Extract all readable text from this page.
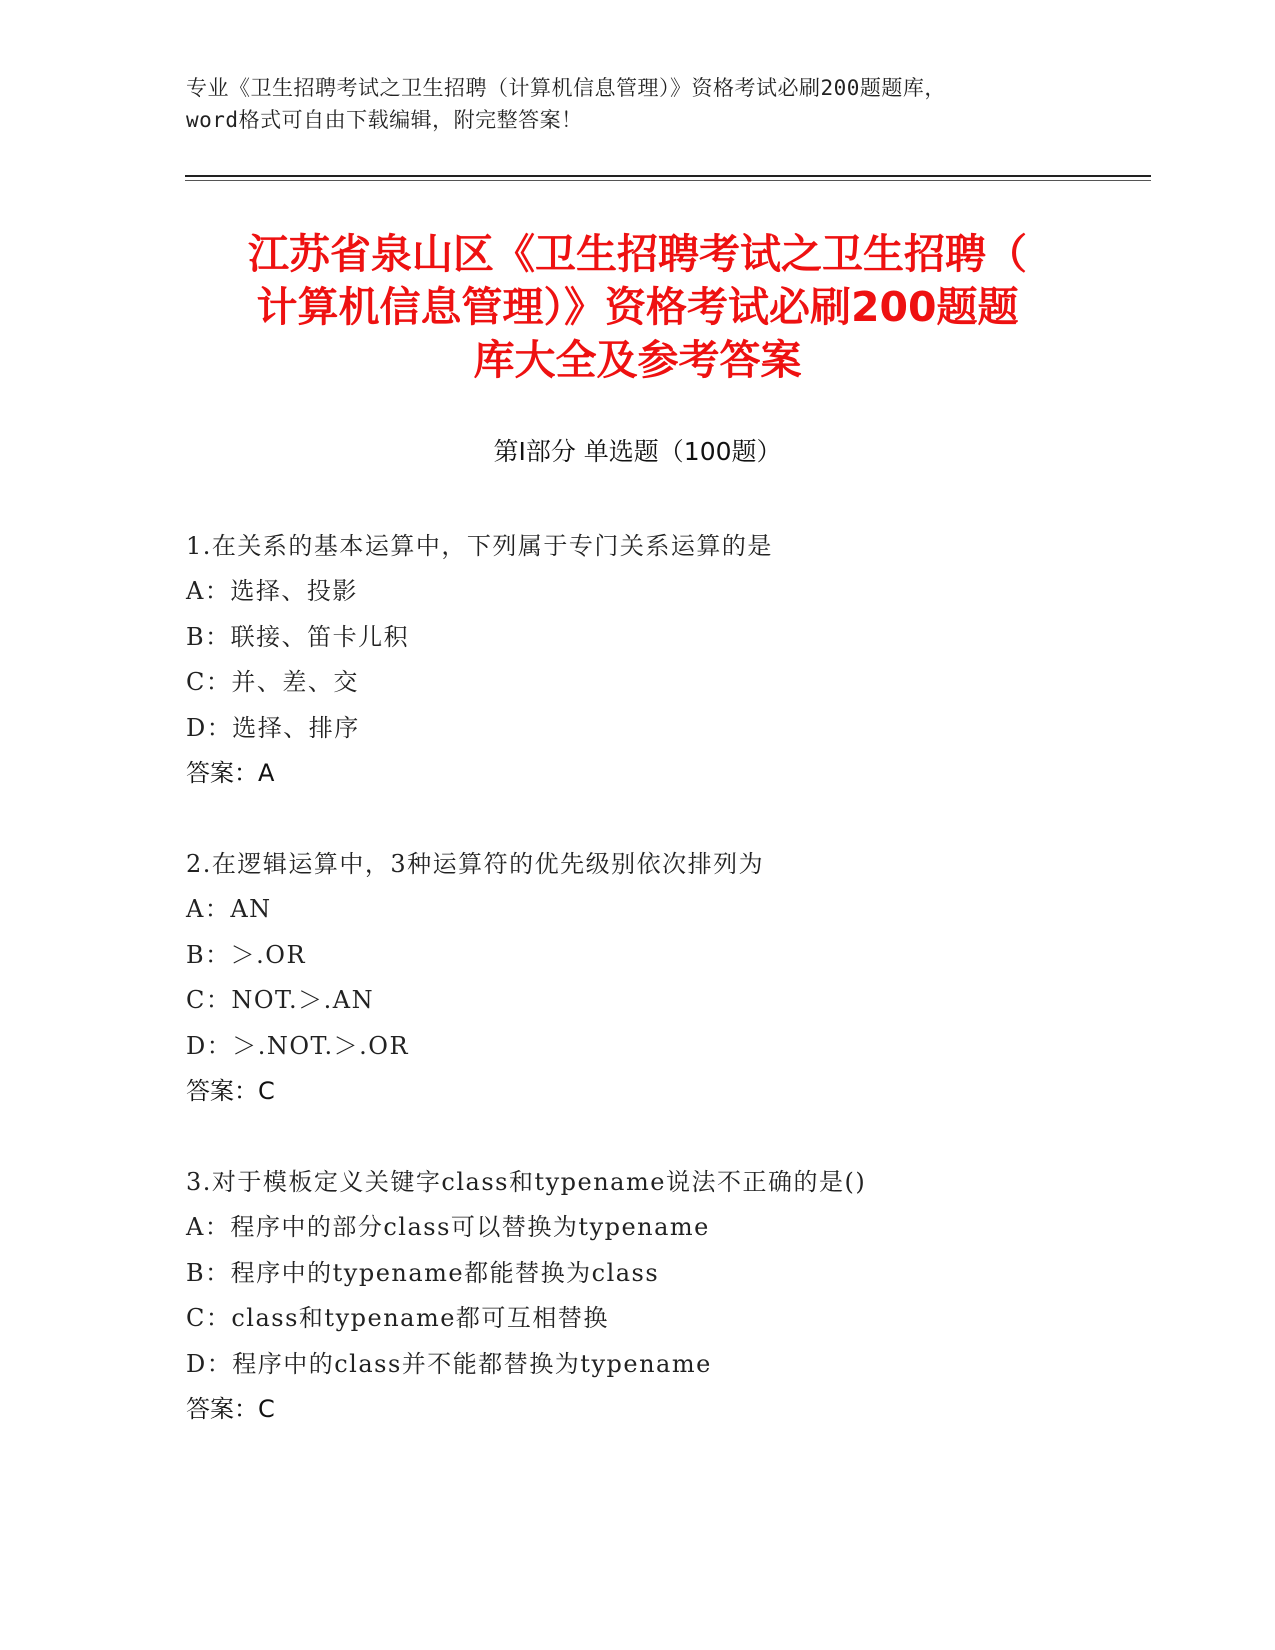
专业《卫生招聘考试之卫生招聘（计算机信息管理）》资格考试必刷200题题库，
word格式可自由下载编辑，附完整答案！
江苏省泉山区《卫生招聘考试之卫生招聘（
计算机信息管理）》资格考试必刷200题题
库大全及参考答案
第Ⅰ部分 单选题（100题）
1.在关系的基本运算中，下列属于专门关系运算的是
A：选择、投影
B：联接、笛卡儿积
C：并、差、交
D：选择、排序
答案：A
2.在逻辑运算中，3种运算符的优先级别依次排列为
A：AN
B：＞.OR
C：NOT.＞.AN
D：＞.NOT.＞.OR
答案：C
3.对于模板定义关键字class和typename说法不正确的是()
A：程序中的部分class可以替换为typename
B：程序中的typename都能替换为class
C：class和typename都可互相替换
D：程序中的class并不能都替换为typename
答案：C
